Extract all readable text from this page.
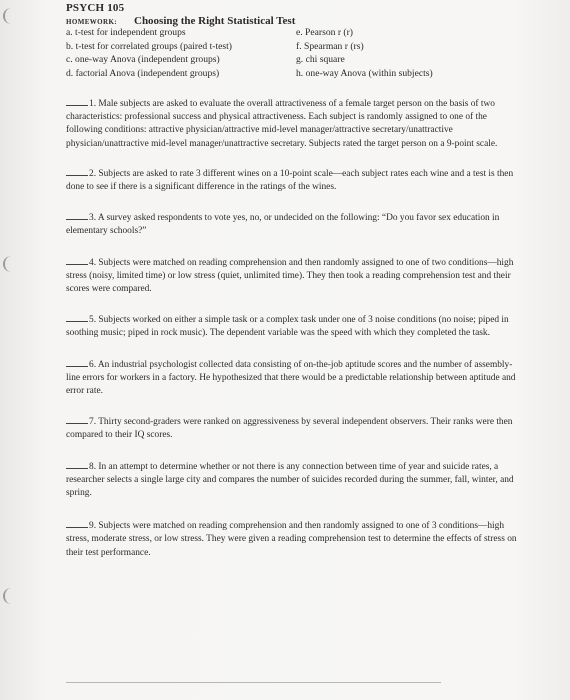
PSYCH 105
HOMEWORK:	Choosing the Right Statistical Test
a. t-test for independent groups	e. Pearson r (r)
b. t-test for correlated groups (paired t-test)	f. Spearman r (rs)
c. one-way Anova (independent groups)	g. chi square
d. factorial Anova (independent groups)	h. one-way Anova (within subjects)

1. Male subjects are asked to evaluate the overall attractiveness of a female target person on the basis of two characteristics: professional success and physical attractiveness. Each subject is randomly assigned to one of the following conditions: attractive physician/attractive mid-level manager/attractive secretary/unattractive physician/unattractive mid-level manager/unattractive secretary. Subjects rated the target person on a 9-point scale.

2. Subjects are asked to rate 3 different wines on a 10-point scale—each subject rates each wine and a test is then done to see if there is a significant difference in the ratings of the wines.

3. A survey asked respondents to vote yes, no, or undecided on the following: “Do you favor sex education in elementary schools?”

4. Subjects were matched on reading comprehension and then randomly assigned to one of two conditions—high stress (noisy, limited time) or low stress (quiet, unlimited time). They then took a reading comprehension test and their scores were compared.

5. Subjects worked on either a simple task or a complex task under one of 3 noise conditions (no noise; piped in soothing music; piped in rock music). The dependent variable was the speed with which they completed the task.

6. An industrial psychologist collected data consisting of on-the-job aptitude scores and the number of assembly-line errors for workers in a factory. He hypothesized that there would be a predictable relationship between aptitude and error rate.

7. Thirty second-graders were ranked on aggressiveness by several independent observers. Their ranks were then compared to their IQ scores.

8. In an attempt to determine whether or not there is any connection between time of year and suicide rates, a researcher selects a single large city and compares the number of suicides recorded during the summer, fall, winter, and spring.

9. Subjects were matched on reading comprehension and then randomly assigned to one of 3 conditions—high stress, moderate stress, or low stress. They were given a reading comprehension test to determine the effects of stress on their test performance.
